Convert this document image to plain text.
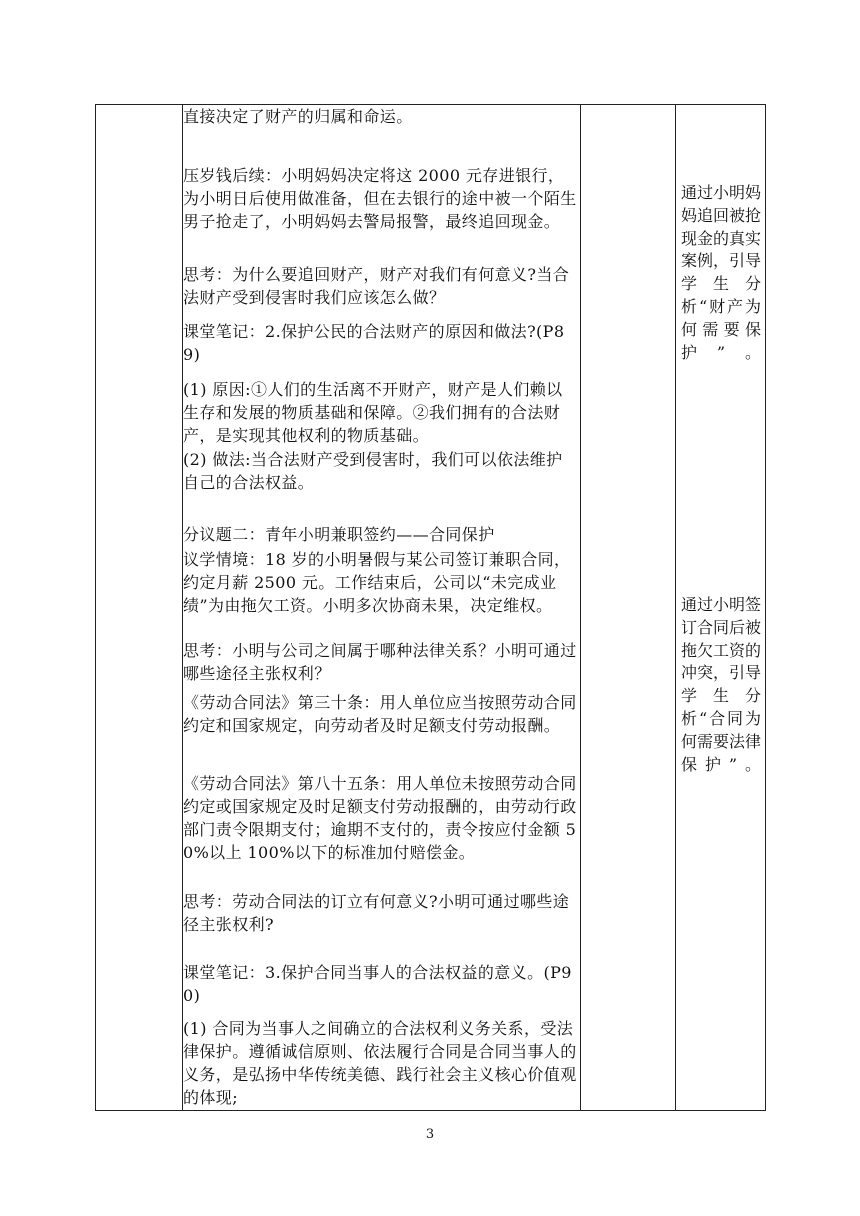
直接决定了财产的归属和命运。

压岁钱后续：小明妈妈决定将这 2000 元存进银行，为小明日后使用做准备，但在去银行的途中被一个陌生男子抢走了，小明妈妈去警局报警，最终追回现金。

思考：为什么要追回财产，财产对我们有何意义?当合法财产受到侵害时我们应该怎么做？

课堂笔记：2.保护公民的合法财产的原因和做法?(P89)

(1) 原因:①人们的生活离不开财产，财产是人们赖以生存和发展的物质基础和保障。②我们拥有的合法财产，是实现其他权利的物质基础。

(2) 做法:当合法财产受到侵害时，我们可以依法维护自己的合法权益。

分议题二：青年小明兼职签约——合同保护

议学情境：18 岁的小明暑假与某公司签订兼职合同，约定月薪 2500 元。工作结束后，公司以“未完成业绩”为由拖欠工资。小明多次协商未果，决定维权。

思考：小明与公司之间属于哪种法律关系？小明可通过哪些途径主张权利？

《劳动合同法》第三十条：用人单位应当按照劳动合同约定和国家规定，向劳动者及时足额支付劳动报酬。

《劳动合同法》第八十五条：用人单位未按照劳动合同约定或国家规定及时足额支付劳动报酬的，由劳动行政部门责令限期支付；逾期不支付的，责令按应付金额 50%以上 100%以下的标准加付赔偿金。

思考：劳动合同法的订立有何意义?小明可通过哪些途径主张权利?

课堂笔记：3.保护合同当事人的合法权益的意义。(P90)

(1) 合同为当事人之间确立的合法权利义务关系，受法律保护。遵循诚信原则、依法履行合同是合同当事人的义务，是弘扬中华传统美德、践行社会主义核心价值观的体现;

通过小明妈妈追回被抢现金的真实案例，引导学生分析“财产为何需要保护”。

通过小明签订合同后被拖欠工资的冲突，引导学生分析“合同为何需要法律保护”。

3
